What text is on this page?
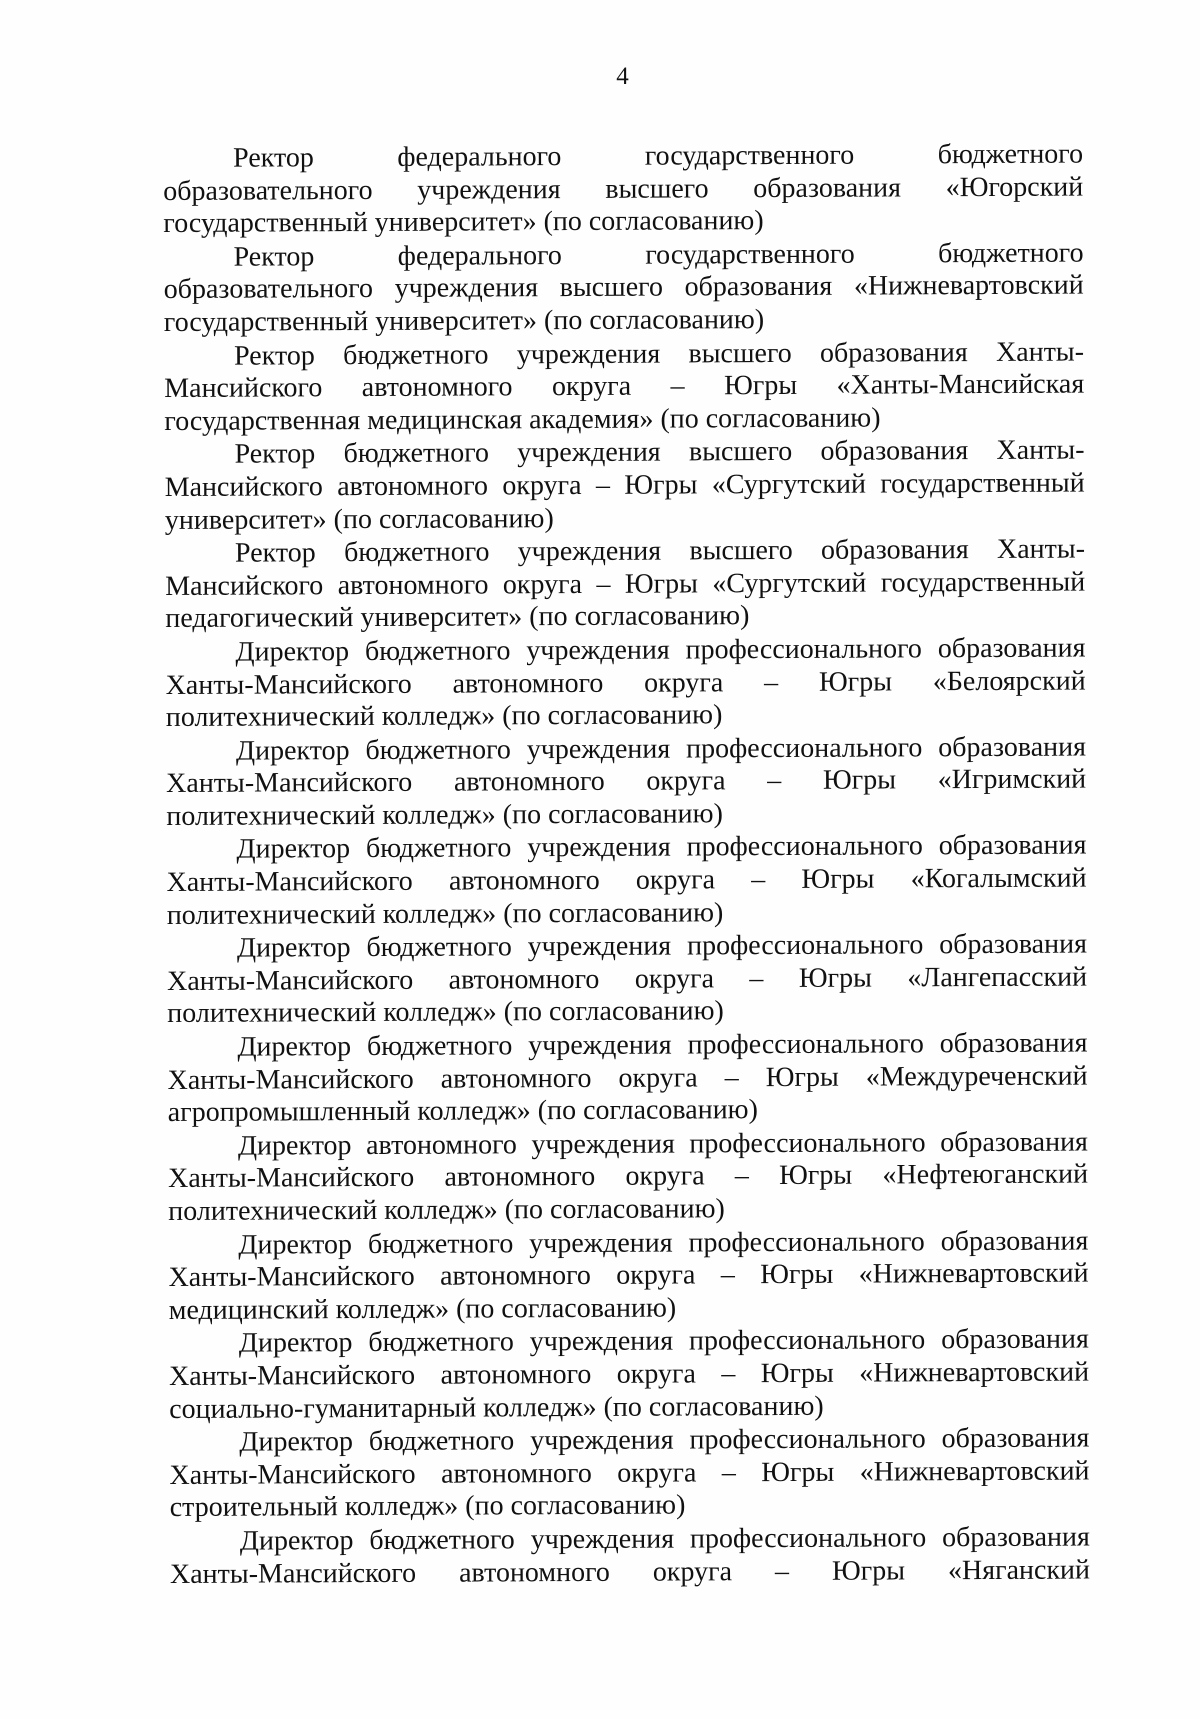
4
Ректор федерального государственного бюджетного
образовательного учреждения высшего образования «Югорский
государственный университет» (по согласованию)
Ректор федерального государственного бюджетного
образовательного учреждения высшего образования «Нижневартовский
государственный университет» (по согласованию)
Ректор бюджетного учреждения высшего образования Ханты-
Мансийского автономного округа – Югры «Ханты-Мансийская
государственная медицинская академия» (по согласованию)
Ректор бюджетного учреждения высшего образования Ханты-
Мансийского автономного округа – Югры «Сургутский государственный
университет» (по согласованию)
Ректор бюджетного учреждения высшего образования Ханты-
Мансийского автономного округа – Югры «Сургутский государственный
педагогический университет» (по согласованию)
Директор бюджетного учреждения профессионального образования
Ханты-Мансийского автономного округа – Югры «Белоярский
политехнический колледж» (по согласованию)
Директор бюджетного учреждения профессионального образования
Ханты-Мансийского автономного округа – Югры «Игримский
политехнический колледж» (по согласованию)
Директор бюджетного учреждения профессионального образования
Ханты-Мансийского автономного округа – Югры «Когалымский
политехнический колледж» (по согласованию)
Директор бюджетного учреждения профессионального образования
Ханты-Мансийского автономного округа – Югры «Лангепасский
политехнический колледж» (по согласованию)
Директор бюджетного учреждения профессионального образования
Ханты-Мансийского автономного округа – Югры «Междуреченский
агропромышленный колледж» (по согласованию)
Директор автономного учреждения профессионального образования
Ханты-Мансийского автономного округа – Югры «Нефтеюганский
политехнический колледж» (по согласованию)
Директор бюджетного учреждения профессионального образования
Ханты-Мансийского автономного округа – Югры «Нижневартовский
медицинский колледж» (по согласованию)
Директор бюджетного учреждения профессионального образования
Ханты-Мансийского автономного округа – Югры «Нижневартовский
социально-гуманитарный колледж» (по согласованию)
Директор бюджетного учреждения профессионального образования
Ханты-Мансийского автономного округа – Югры «Нижневартовский
строительный колледж» (по согласованию)
Директор бюджетного учреждения профессионального образования
Ханты-Мансийского автономного округа – Югры «Няганский
